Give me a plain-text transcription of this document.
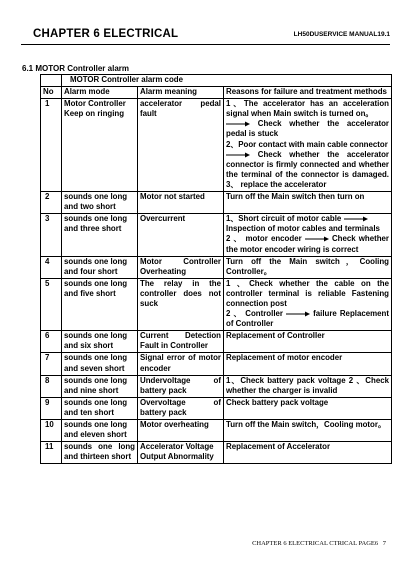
CHAPTER 6 ELECTRICAL	LH50DUSERVICE MANUAL19.1
6.1 MOTOR Controller alarm
	MOTOR Controller alarm code		
No	Alarm mode	Alarm meaning	Reasons for failure and treatment methods
1	Motor Controller Keep on ringing	accelerator pedal fault	1、The accelerator has an acceleration signal when Main switch is turned on。

Check whether the accelerator pedal is stuck
2、Poor contact with main cable connector

Check whether the accelerator connector is firmly connected and whether the terminal of the connector is damaged. 3、 replace the accelerator
2	sounds one long and two short	Motor not started	Turn off the Main switch then turn on
3	sounds one long and three short	Overcurrent	1、Short circuit of motor cable

Inspection of motor cables and terminals
2 、 motor encoder Check whether the motor encoder wiring is correct
4	sounds one long and four short	Motor Controller Overheating	Turn off the Main switch，Cooling Controller。
5	sounds one long and five short	The relay in the controller does not suck	1 、Check whether the cable on the controller terminal is reliable Fastening connection post
2 、 Controller failure Replacement of Controller
6	sounds one long and six short	Current Detection Fault in Controller	Replacement of Controller
7	sounds one long and seven short	Signal error of motor encoder	Replacement of motor encoder
8	sounds one long and nine short	Undervoltage of battery pack	1、Check battery pack voltage 2 、Check whether the charger is invalid
9	sounds one long and ten short	Overvoltage of battery pack	Check battery pack voltage
10	sounds one long and eleven short	Motor overheating	Turn off the Main switch，Cooling motor。
11	sounds one long and thirteen short	Accelerator Voltage Output Abnormality	Replacement of Accelerator
CHAPTER 6 ELECTRICAL CTRICAL PAGE6 7
